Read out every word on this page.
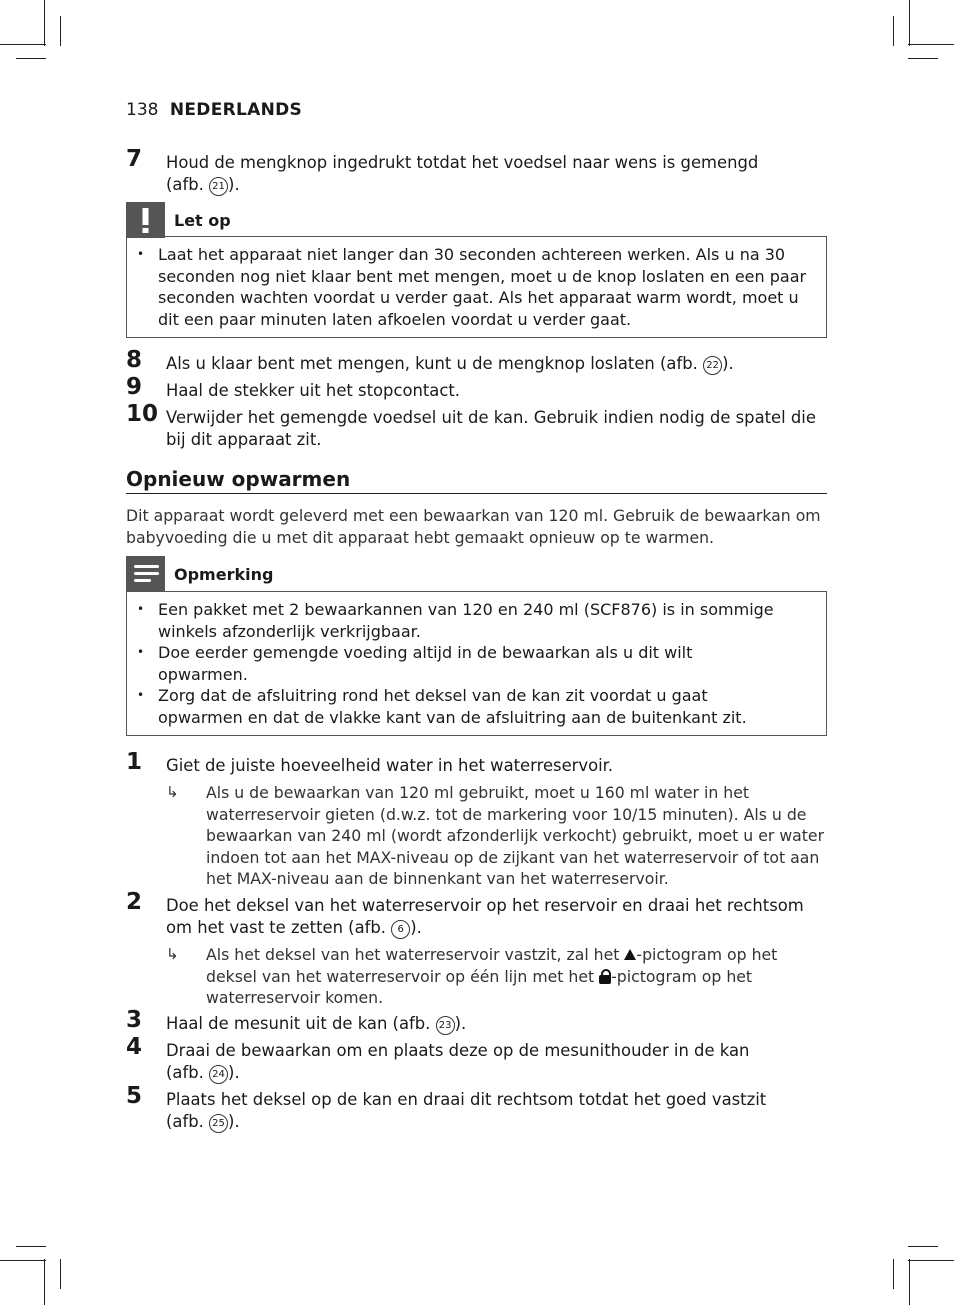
138 NEDERLANDS
7 Houd de mengknop ingedrukt totdat het voedsel naar wens is gemengd
(afb. 21 ).
Let op
• Laat het apparaat niet langer dan 30 seconden achtereen werken. Als u na 30 seconden nog niet klaar bent met mengen, moet u de knop loslaten en een paar seconden wachten voordat u verder gaat. Als het apparaat warm wordt, moet u dit een paar minuten laten afkoelen voordat u verder gaat.
8 Als u klaar bent met mengen, kunt u de mengknop loslaten (afb. 22 ).
9 Haal de stekker uit het stopcontact.
10 Verwijder het gemengde voedsel uit de kan. Gebruik indien nodig de spatel die bij dit apparaat zit.
Opnieuw opwarmen
Dit apparaat wordt geleverd met een bewaarkan van 120 ml. Gebruik de bewaarkan om babyvoeding die u met dit apparaat hebt gemaakt opnieuw op te warmen.
Opmerking
• Een pakket met 2 bewaarkannen van 120 en 240 ml (SCF876) is in sommige winkels afzonderlijk verkrijgbaar.
• Doe eerder gemengde voeding altijd in de bewaarkan als u dit wilt opwarmen.
• Zorg dat de afsluitring rond het deksel van de kan zit voordat u gaat opwarmen en dat de vlakke kant van de afsluitring aan de buitenkant zit.
1 Giet de juiste hoeveelheid water in het waterreservoir.
↳ Als u de bewaarkan van 120 ml gebruikt, moet u 160 ml water in het waterreservoir gieten (d.w.z. tot de markering voor 10/15 minuten). Als u de bewaarkan van 240 ml (wordt afzonderlijk verkocht) gebruikt, moet u er water indoen tot aan het MAX-niveau op de zijkant van het waterreservoir of tot aan het MAX-niveau aan de binnenkant van het waterreservoir.
2 Doe het deksel van het waterreservoir op het reservoir en draai het rechtsom om het vast te zetten (afb. 6 ).
↳ Als het deksel van het waterreservoir vastzit, zal het -pictogram op het deksel van het waterreservoir op één lijn met het
-pictogram op het waterreservoir komen.
3 Haal de mesunit uit de kan (afb. 23 ).
4 Draai de bewaarkan om en plaats deze op de mesunithouder in de kan
(afb. 24 ).
5 Plaats het deksel op de kan en draai dit rechtsom totdat het goed vastzit
(afb. 25 ).
